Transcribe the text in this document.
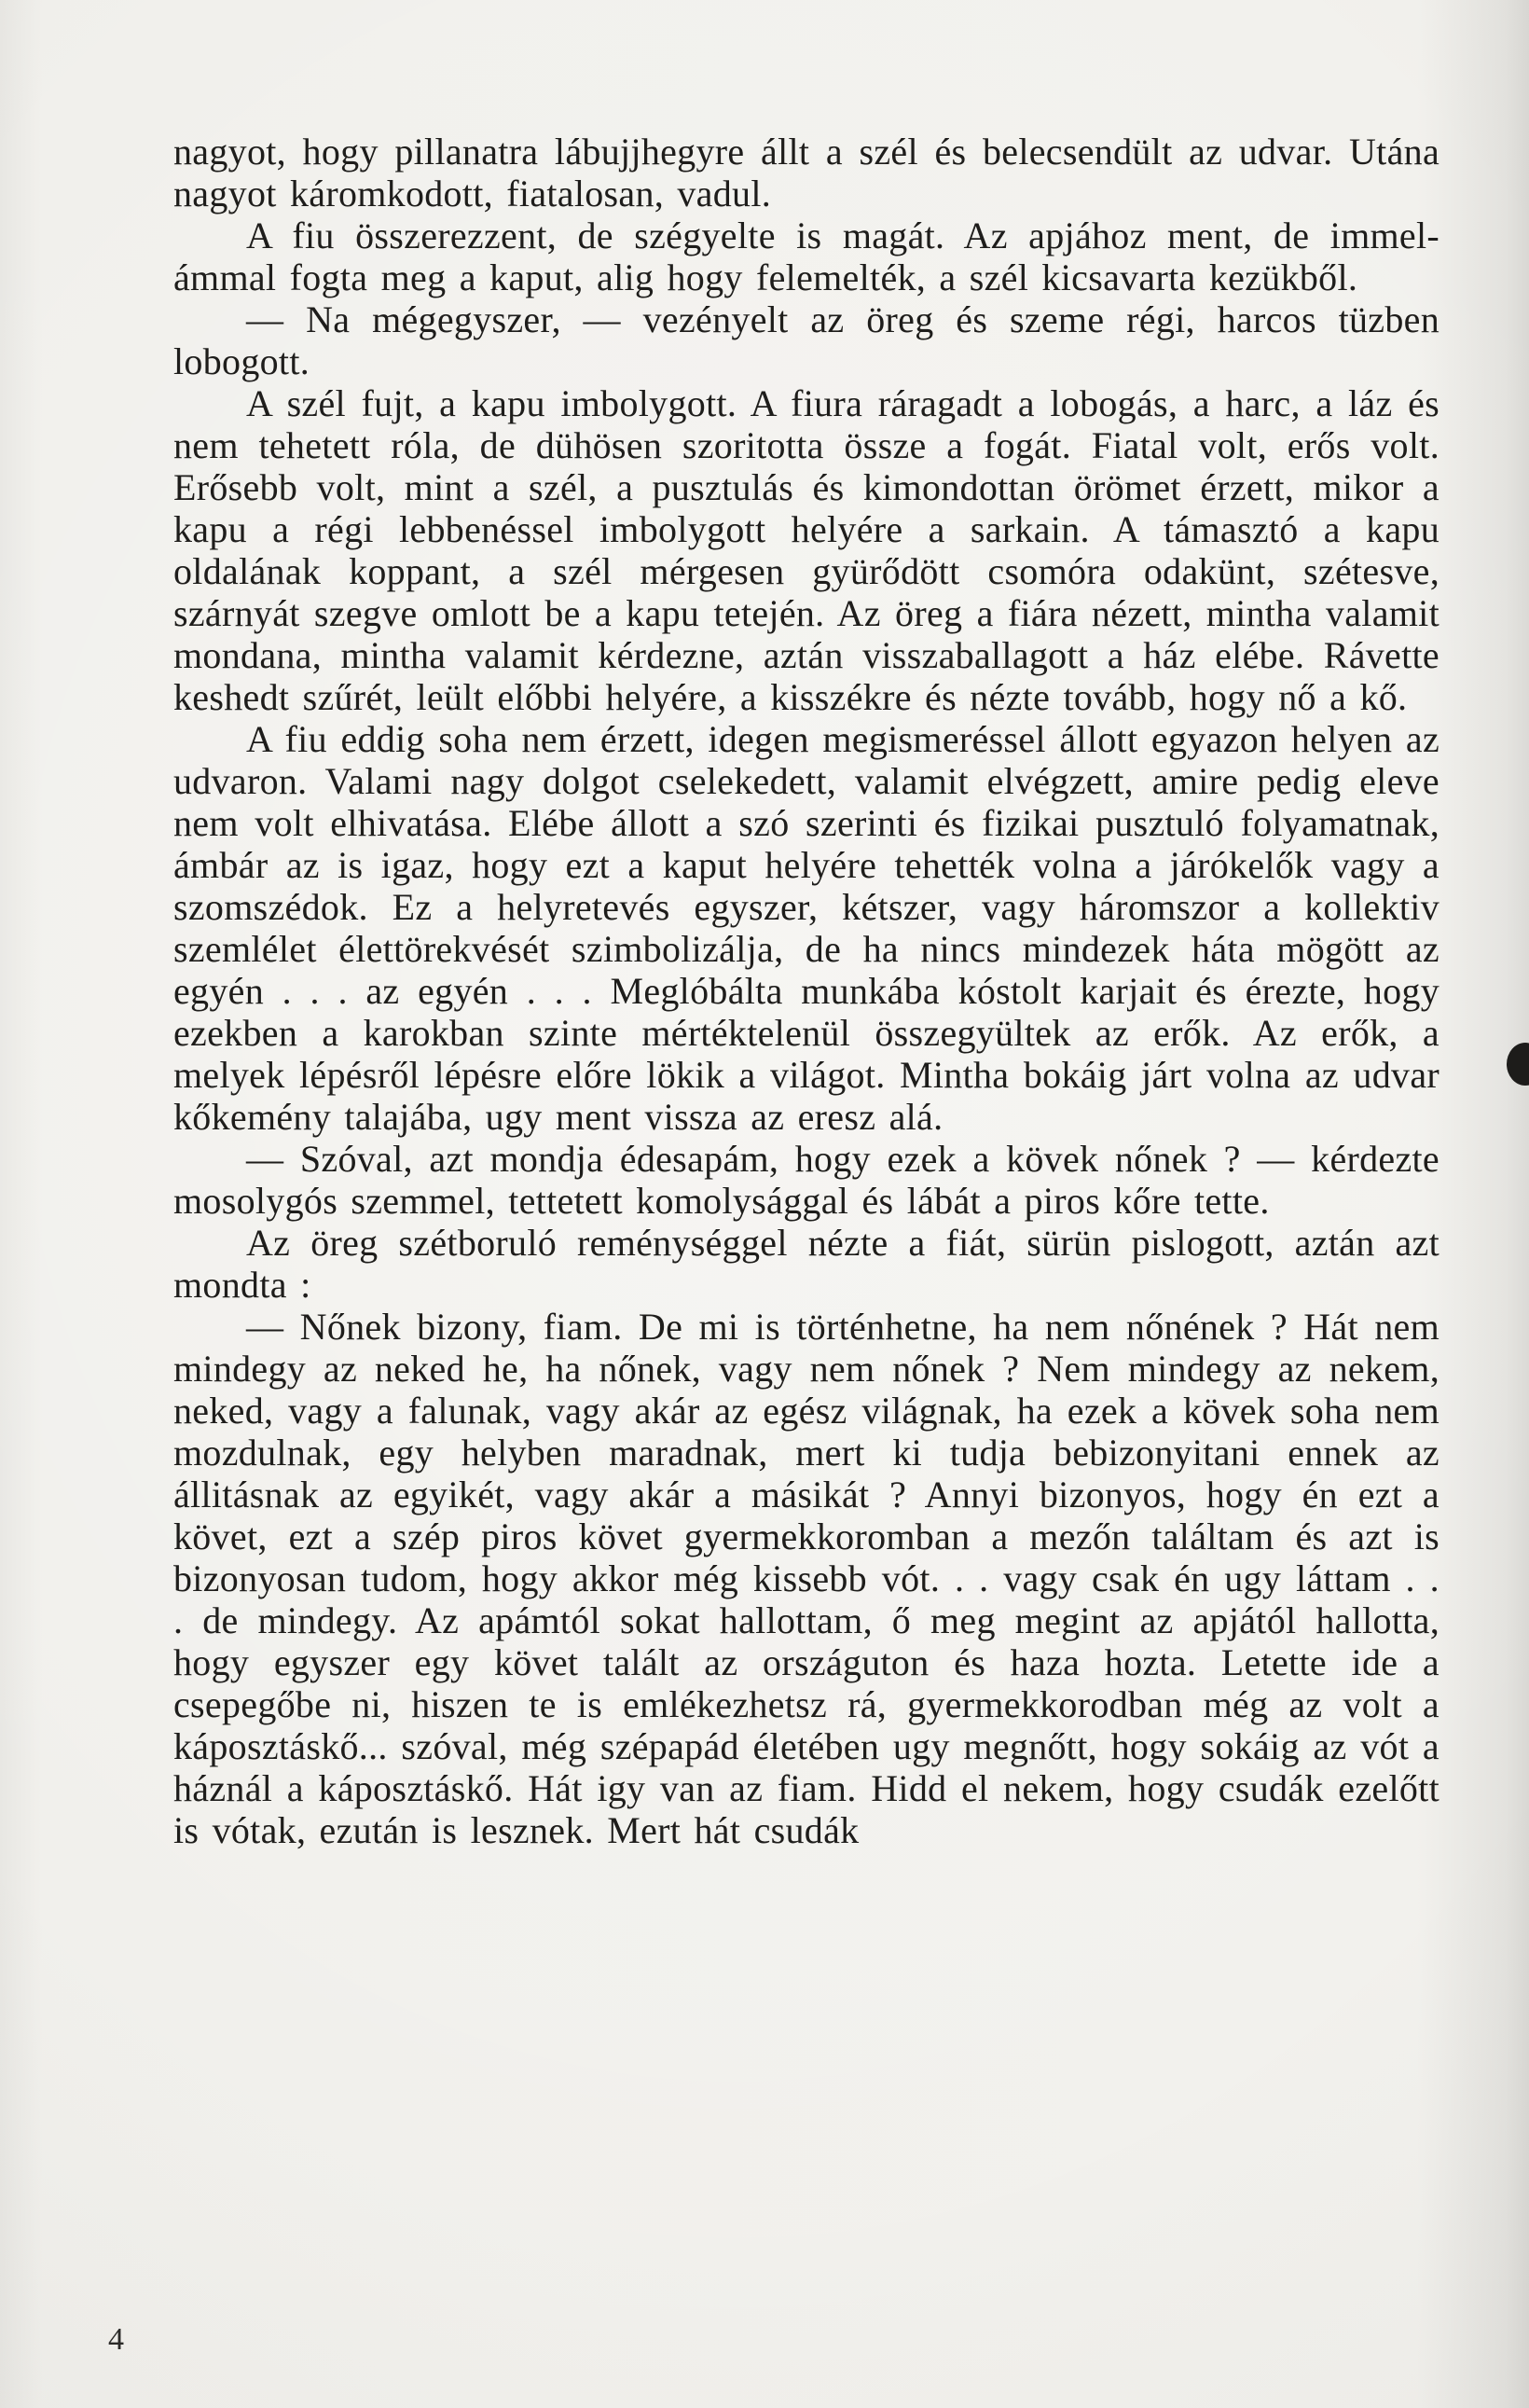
nagyot, hogy pillanatra lábujjhegyre állt a szél és belecsendült az udvar. Utána nagyot káromkodott, fiatalosan, vadul.

A fiu összerezzent, de szégyelte is magát. Az apjához ment, de immel-ámmal fogta meg a kaput, alig hogy felemelték, a szél kicsavarta kezükből.

— Na mégegyszer, — vezényelt az öreg és szeme régi, harcos tüzben lobogott.

A szél fujt, a kapu imbolygott. A fiura ráragadt a lobogás, a harc, a láz és nem tehetett róla, de dühösen szoritotta össze a fogát. Fiatal volt, erős volt. Erősebb volt, mint a szél, a pusztulás és kimondottan örömet érzett, mikor a kapu a régi lebbenéssel imbolygott helyére a sarkain. A támasztó a kapu oldalának koppant, a szél mérgesen gyürődött csomóra odakünt, szétesve, szárnyát szegve omlott be a kapu tetején. Az öreg a fiára nézett, mintha valamit mondana, mintha valamit kérdezne, aztán visszaballagott a ház elébe. Rávette keshedt szűrét, leült előbbi helyére, a kisszékre és nézte tovább, hogy nő a kő.

A fiu eddig soha nem érzett, idegen megismeréssel állott egyazon helyen az udvaron. Valami nagy dolgot cselekedett, valamit elvégzett, amire pedig eleve nem volt elhivatása. Elébe állott a szó szerinti és fizikai pusztuló folyamatnak, ámbár az is igaz, hogy ezt a kaput helyére tehették volna a járókelők vagy a szomszédok. Ez a helyretevés egyszer, kétszer, vagy háromszor a kollektiv szemlélet élettörekvését szimbolizálja, de ha nincs mindezek háta mögött az egyén . . . az egyén . . . Meglóbálta munkába kóstolt karjait és érezte, hogy ezekben a karokban szinte mértéktelenül összegyültek az erők. Az erők, a melyek lépésről lépésre előre lökik a világot. Mintha bokáig járt volna az udvar kőkemény talajába, ugy ment vissza az eresz alá.

— Szóval, azt mondja édesapám, hogy ezek a kövek nőnek ? — kérdezte mosolygós szemmel, tettetett komolysággal és lábát a piros kőre tette.

Az öreg szétboruló reménységgel nézte a fiát, sürün pislogott, aztán azt mondta :

— Nőnek bizony, fiam. De mi is történhetne, ha nem nőnének ? Hát nem mindegy az neked he, ha nőnek, vagy nem nőnek ? Nem mindegy az nekem, neked, vagy a falunak, vagy akár az egész világnak, ha ezek a kövek soha nem mozdulnak, egy helyben maradnak, mert ki tudja bebizonyitani ennek az állitásnak az egyikét, vagy akár a másikát ? Annyi bizonyos, hogy én ezt a követ, ezt a szép piros követ gyermekkoromban a mezőn találtam és azt is bizonyosan tudom, hogy akkor még kissebb vót. . . vagy csak én ugy láttam . . . de mindegy. Az apámtól sokat hallottam, ő meg megint az apjától hallotta, hogy egyszer egy követ talált az országuton és haza hozta. Letette ide a csepegőbe ni, hiszen te is emlékezhetsz rá, gyermekkorodban még az volt a káposztáskő... szóval, még szépapád életében ugy megnőtt, hogy sokáig az vót a háznál a káposztáskő. Hát igy van az fiam. Hidd el nekem, hogy csudák ezelőtt is vótak, ezután is lesznek. Mert hát csudák

4
